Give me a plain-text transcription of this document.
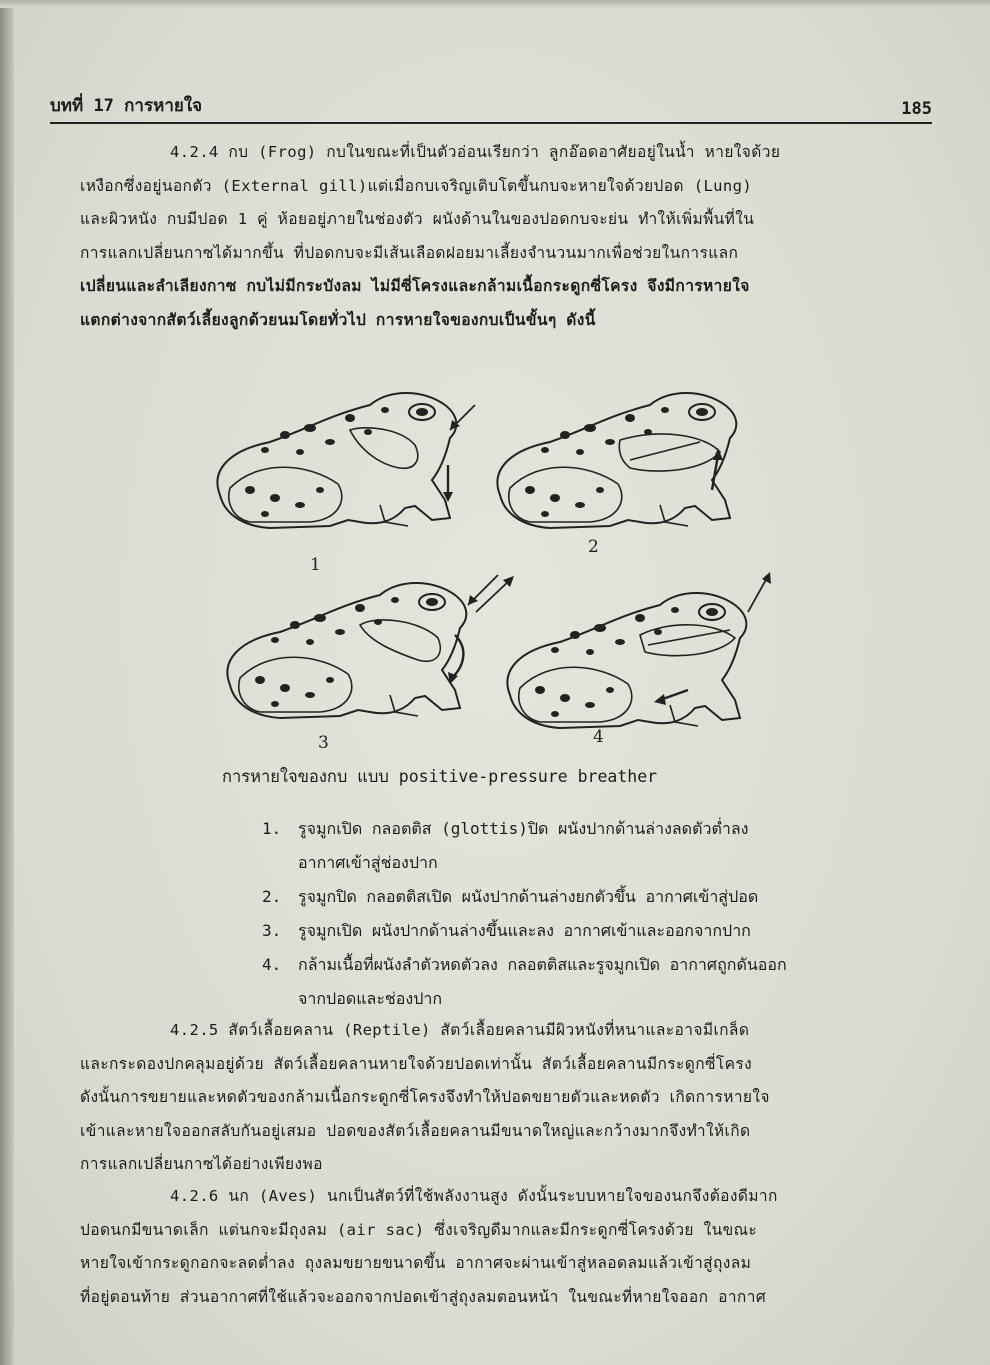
บทที่ 17 การหายใจ	185

4.2.4 กบ (Frog) กบในขณะที่เป็นตัวอ่อนเรียกว่า ลูกอ๊อดอาศัยอยู่ในน้ำ หายใจด้วย

เหงือกซึ่งอยู่นอกตัว (External gill)แต่เมื่อกบเจริญเติบโตขึ้นกบจะหายใจด้วยปอด (Lung)

และผิวหนัง กบมีปอด 1 คู่ ห้อยอยู่ภายในช่องตัว ผนังด้านในของปอดกบจะย่น ทำให้เพิ่มพื้นที่ใน

การแลกเปลี่ยนกาซได้มากขึ้น ที่ปอดกบจะมีเส้นเลือดฝอยมาเลี้ยงจำนวนมากเพื่อช่วยในการแลก

เปลี่ยนและลำเลียงกาซ กบไม่มีกระบังลม ไม่มีซี่โครงและกล้ามเนื้อกระดูกซี่โครง จึงมีการหายใจ

แตกต่างจากสัตว์เลี้ยงลูกด้วยนมโดยทั่วไป การหายใจของกบเป็นขั้นๆ ดังนี้

1
2
3	4
การหายใจของกบ แบบ positive-pressure breather
1. รูจมูกเปิด กลอตติส (glottis)ปิด ผนังปากด้านล่างลดตัวต่ำลง
อากาศเข้าสู่ช่องปาก
2. รูจมูกปิด กลอตติสเปิด ผนังปากด้านล่างยกตัวขึ้น อากาศเข้าสู่ปอด
3. รูจมูกเปิด ผนังปากด้านล่างขึ้นและลง อากาศเข้าและออกจากปาก
4. กล้ามเนื้อที่ผนังลำตัวหดตัวลง กลอตติสและรูจมูกเปิด อากาศถูกดันออก
จากปอดและช่องปาก

4.2.5 สัตว์เลื้อยคลาน (Reptile) สัตว์เลื้อยคลานมีผิวหนังที่หนาและอาจมีเกล็ด

และกระดองปกคลุมอยู่ด้วย สัตว์เลื้อยคลานหายใจด้วยปอดเท่านั้น สัตว์เลื้อยคลานมีกระดูกซี่โครง

ดังนั้นการขยายและหดตัวของกล้ามเนื้อกระดูกซี่โครงจึงทำให้ปอดขยายตัวและหดตัว เกิดการหายใจ

เข้าและหายใจออกสลับกันอยู่เสมอ ปอดของสัตว์เลื้อยคลานมีขนาดใหญ่และกว้างมากจึงทำให้เกิด

การแลกเปลี่ยนกาซได้อย่างเพียงพอ

4.2.6 นก (Aves) นกเป็นสัตว์ที่ใช้พลังงานสูง ดังนั้นระบบหายใจของนกจึงต้องดีมาก

ปอดนกมีขนาดเล็ก แต่นกจะมีถุงลม (air sac) ซึ่งเจริญดีมากและมีกระดูกซี่โครงด้วย ในขณะ

หายใจเข้ากระดูกอกจะลดต่ำลง ถุงลมขยายขนาดขึ้น อากาศจะผ่านเข้าสู่หลอดลมแล้วเข้าสู่ถุงลม

ที่อยู่ตอนท้าย ส่วนอากาศที่ใช้แล้วจะออกจากปอดเข้าสู่ถุงลมตอนหน้า ในขณะที่หายใจออก อากาศ
